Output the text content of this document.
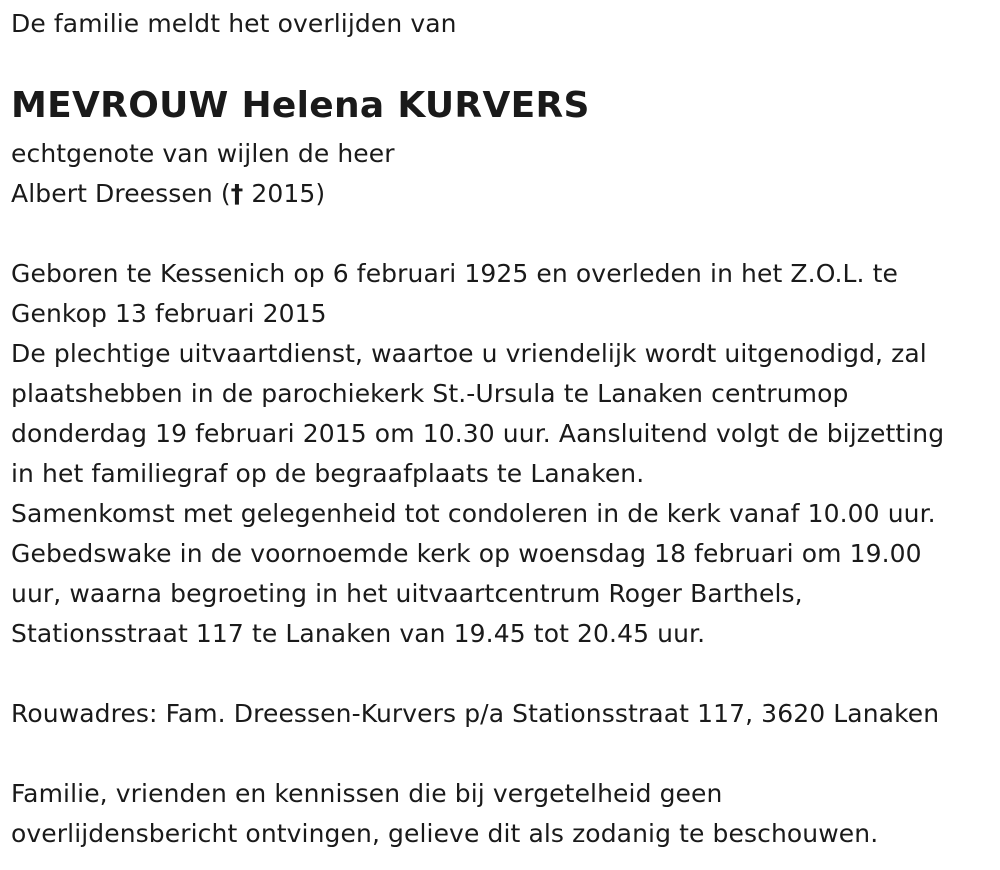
De familie meldt het overlijden van
MEVROUW Helena KURVERS
echtgenote van wijlen de heer
Albert Dreessen († 2015)
Geboren te Kessenich op 6 februari 1925 en overleden in het Z.O.L. te
Genkop 13 februari 2015
De plechtige uitvaartdienst, waartoe u vriendelijk wordt uitgenodigd, zal
plaatshebben in de parochiekerk St.-Ursula te Lanaken centrumop
donderdag 19 februari 2015 om 10.30 uur. Aansluitend volgt de bijzetting
in het familiegraf op de begraafplaats te Lanaken.
Samenkomst met gelegenheid tot condoleren in de kerk vanaf 10.00 uur.
Gebedswake in de voornoemde kerk op woensdag 18 februari om 19.00
uur, waarna begroeting in het uitvaartcentrum Roger Barthels,
Stationsstraat 117 te Lanaken van 19.45 tot 20.45 uur.
Rouwadres: Fam. Dreessen-Kurvers p/a Stationsstraat 117, 3620 Lanaken
Familie, vrienden en kennissen die bij vergetelheid geen
overlijdensbericht ontvingen, gelieve dit als zodanig te beschouwen.
